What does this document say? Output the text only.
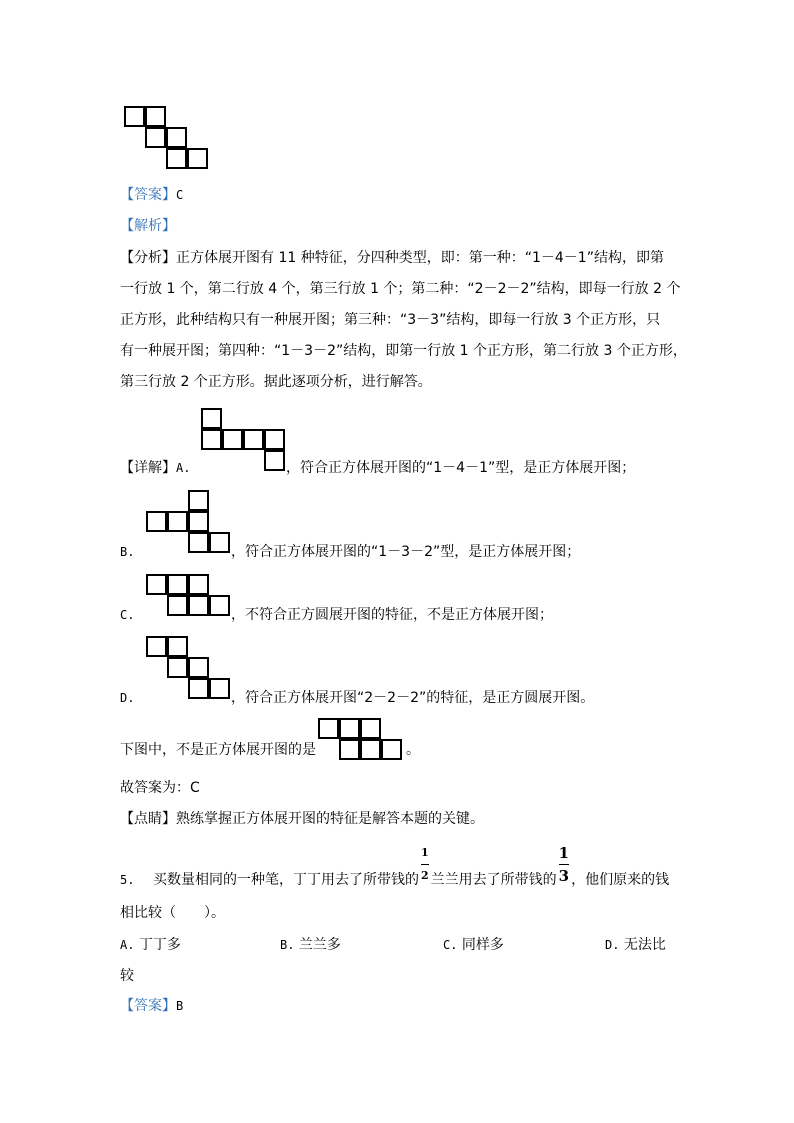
【答案】C
【解析】
【分析】正方体展开图有 11 种特征，分四种类型，即：第一种：“1－4－1”结构，即第
一行放 1 个，第二行放 4 个，第三行放 1 个；第二种：“2－2－2”结构，即每一行放 2 个
正方形，此种结构只有一种展开图；第三种：“3－3”结构，即每一行放 3 个正方形，只
有一种展开图；第四种：“1－3－2”结构，即第一行放 1 个正方形，第二行放 3 个正方形，
第三行放 2 个正方形。据此逐项分析，进行解答。
【详解】A.	，符合正方体展开图的“1－4－1”型，是正方体展开图；
B.	，符合正方体展开图的“1－3－2”型，是正方体展开图；
C.	，不符合正方圆展开图的特征，不是正方体展开图；
D.	，符合正方体展开图“2－2－2”的特征，是正方圆展开图。
下图中，不是正方体展开图的是	。
故答案为：C
【点睛】熟练掌握正方体展开图的特征是解答本题的关键。
5.	买数量相同的一种笔，丁丁用去了所带钱的 $\frac{1}{2}$ 兰兰用去了所带钱的 $\frac{1}{3}$ ，他们原来的钱
相比较（　　）。
A. 丁丁多	B. 兰兰多	C. 同样多	D. 无法比
较
【答案】B
